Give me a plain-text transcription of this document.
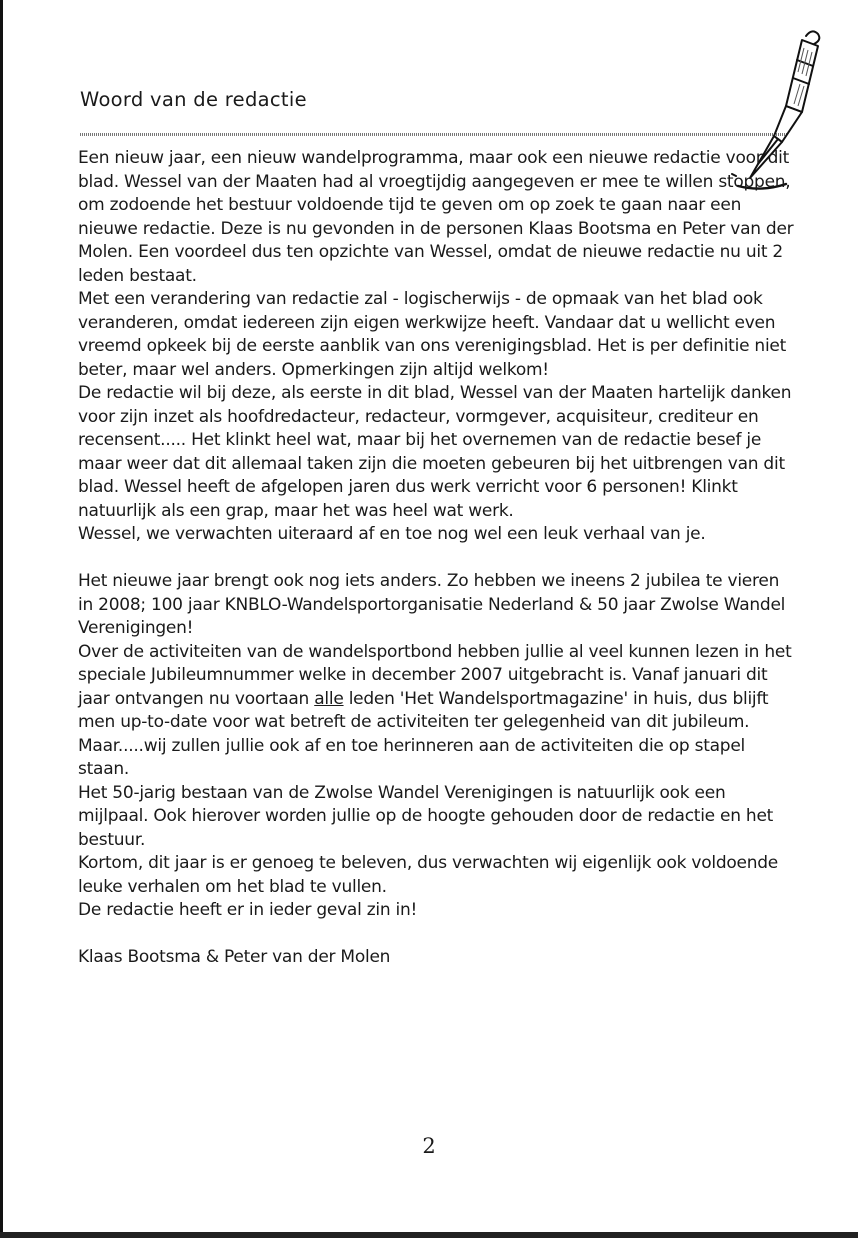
Woord van de redactie

Een nieuw jaar, een nieuw wandelprogramma, maar ook een nieuwe redactie voor dit blad. Wessel van der Maaten had al vroegtijdig aangegeven er mee te willen stoppen, om zodoende het bestuur voldoende tijd te geven om op zoek te gaan naar een nieuwe redactie. Deze is nu gevonden in de personen Klaas Bootsma en Peter van der Molen. Een voordeel dus ten opzichte van Wessel, omdat de nieuwe redactie nu uit 2 leden bestaat.

Met een verandering van redactie zal - logischerwijs - de opmaak van het blad ook veranderen, omdat iedereen zijn eigen werkwijze heeft. Vandaar dat u wellicht even vreemd opkeek bij de eerste aanblik van ons verenigingsblad. Het is per definitie niet beter, maar wel anders. Opmerkingen zijn altijd welkom!

De redactie wil bij deze, als eerste in dit blad, Wessel van der Maaten hartelijk danken voor zijn inzet als hoofdredacteur, redacteur, vormgever, acquisiteur, crediteur en recensent..... Het klinkt heel wat, maar bij het overnemen van de redactie besef je maar weer dat dit allemaal taken zijn die moeten gebeuren bij het uitbrengen van dit blad. Wessel heeft de afgelopen jaren dus werk verricht voor 6 personen! Klinkt natuurlijk als een grap, maar het was heel wat werk.

Wessel, we verwachten uiteraard af en toe nog wel een leuk verhaal van je.

Het nieuwe jaar brengt ook nog iets anders. Zo hebben we ineens 2 jubilea te vieren in 2008; 100 jaar KNBLO-Wandelsportorganisatie Nederland & 50 jaar Zwolse Wandel Verenigingen!

Over de activiteiten van de wandelsportbond hebben jullie al veel kunnen lezen in het speciale Jubileumnummer welke in december 2007 uitgebracht is. Vanaf januari dit jaar ontvangen nu voortaan alle leden 'Het Wandelsportmagazine' in huis, dus blijft men up-to-date voor wat betreft de activiteiten ter gelegenheid van dit jubileum. Maar.....wij zullen jullie ook af en toe herinneren aan de activiteiten die op stapel staan.

Het 50-jarig bestaan van de Zwolse Wandel Verenigingen is natuurlijk ook een mijlpaal. Ook hierover worden jullie op de hoogte gehouden door de redactie en het bestuur.

Kortom, dit jaar is er genoeg te beleven, dus verwachten wij eigenlijk ook voldoende leuke verhalen om het blad te vullen.

De redactie heeft er in ieder geval zin in!

Klaas Bootsma & Peter van der Molen

2
